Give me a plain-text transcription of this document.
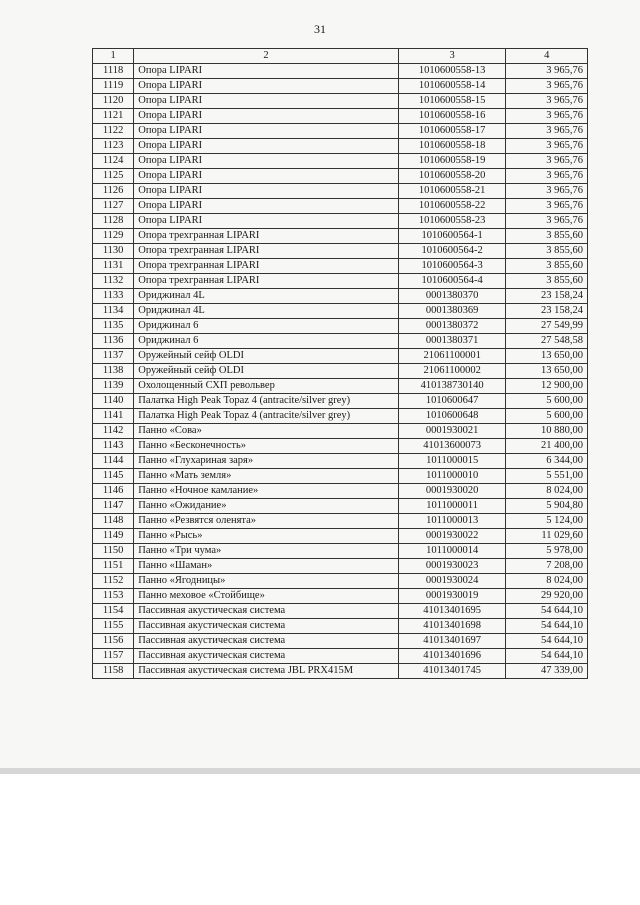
31
1	2	3	4
1118	Опора LIPARI	1010600558-13	3 965,76
1119	Опора LIPARI	1010600558-14	3 965,76
1120	Опора LIPARI	1010600558-15	3 965,76
1121	Опора LIPARI	1010600558-16	3 965,76
1122	Опора LIPARI	1010600558-17	3 965,76
1123	Опора LIPARI	1010600558-18	3 965,76
1124	Опора LIPARI	1010600558-19	3 965,76
1125	Опора LIPARI	1010600558-20	3 965,76
1126	Опора LIPARI	1010600558-21	3 965,76
1127	Опора LIPARI	1010600558-22	3 965,76
1128	Опора LIPARI	1010600558-23	3 965,76
1129	Опора трехгранная LIPARI	1010600564-1	3 855,60
1130	Опора трехгранная LIPARI	1010600564-2	3 855,60
1131	Опора трехгранная LIPARI	1010600564-3	3 855,60
1132	Опора трехгранная LIPARI	1010600564-4	3 855,60
1133	Ориджинал 4L	0001380370	23 158,24
1134	Ориджинал 4L	0001380369	23 158,24
1135	Ориджинал 6	0001380372	27 549,99
1136	Ориджинал 6	0001380371	27 548,58
1137	Оружейный сейф OLDI	21061100001	13 650,00
1138	Оружейный сейф OLDI	21061100002	13 650,00
1139	Охолощенный СХП револьвер	410138730140	12 900,00
1140	Палатка High Peak Topaz 4 (antracite/silver grey)	1010600647	5 600,00
1141	Палатка High Peak Topaz 4 (antracite/silver grey)	1010600648	5 600,00
1142	Панно «Сова»	0001930021	10 880,00
1143	Панно «Бесконечность»	41013600073	21 400,00
1144	Панно «Глухариная заря»	1011000015	6 344,00
1145	Панно «Мать земля»	1011000010	5 551,00
1146	Панно «Ночное камлание»	0001930020	8 024,00
1147	Панно «Ожидание»	1011000011	5 904,80
1148	Панно «Резвятся оленята»	1011000013	5 124,00
1149	Панно «Рысь»	0001930022	11 029,60
1150	Панно «Три чума»	1011000014	5 978,00
1151	Панно «Шаман»	0001930023	7 208,00
1152	Панно «Ягодницы»	0001930024	8 024,00
1153	Панно меховое «Стойбище»	0001930019	29 920,00
1154	Пассивная акустическая система	41013401695	54 644,10
1155	Пассивная акустическая система	41013401698	54 644,10
1156	Пассивная акустическая система	41013401697	54 644,10
1157	Пассивная акустическая система	41013401696	54 644,10
1158	Пассивная акустическая система JBL PRX415M	41013401745	47 339,00
